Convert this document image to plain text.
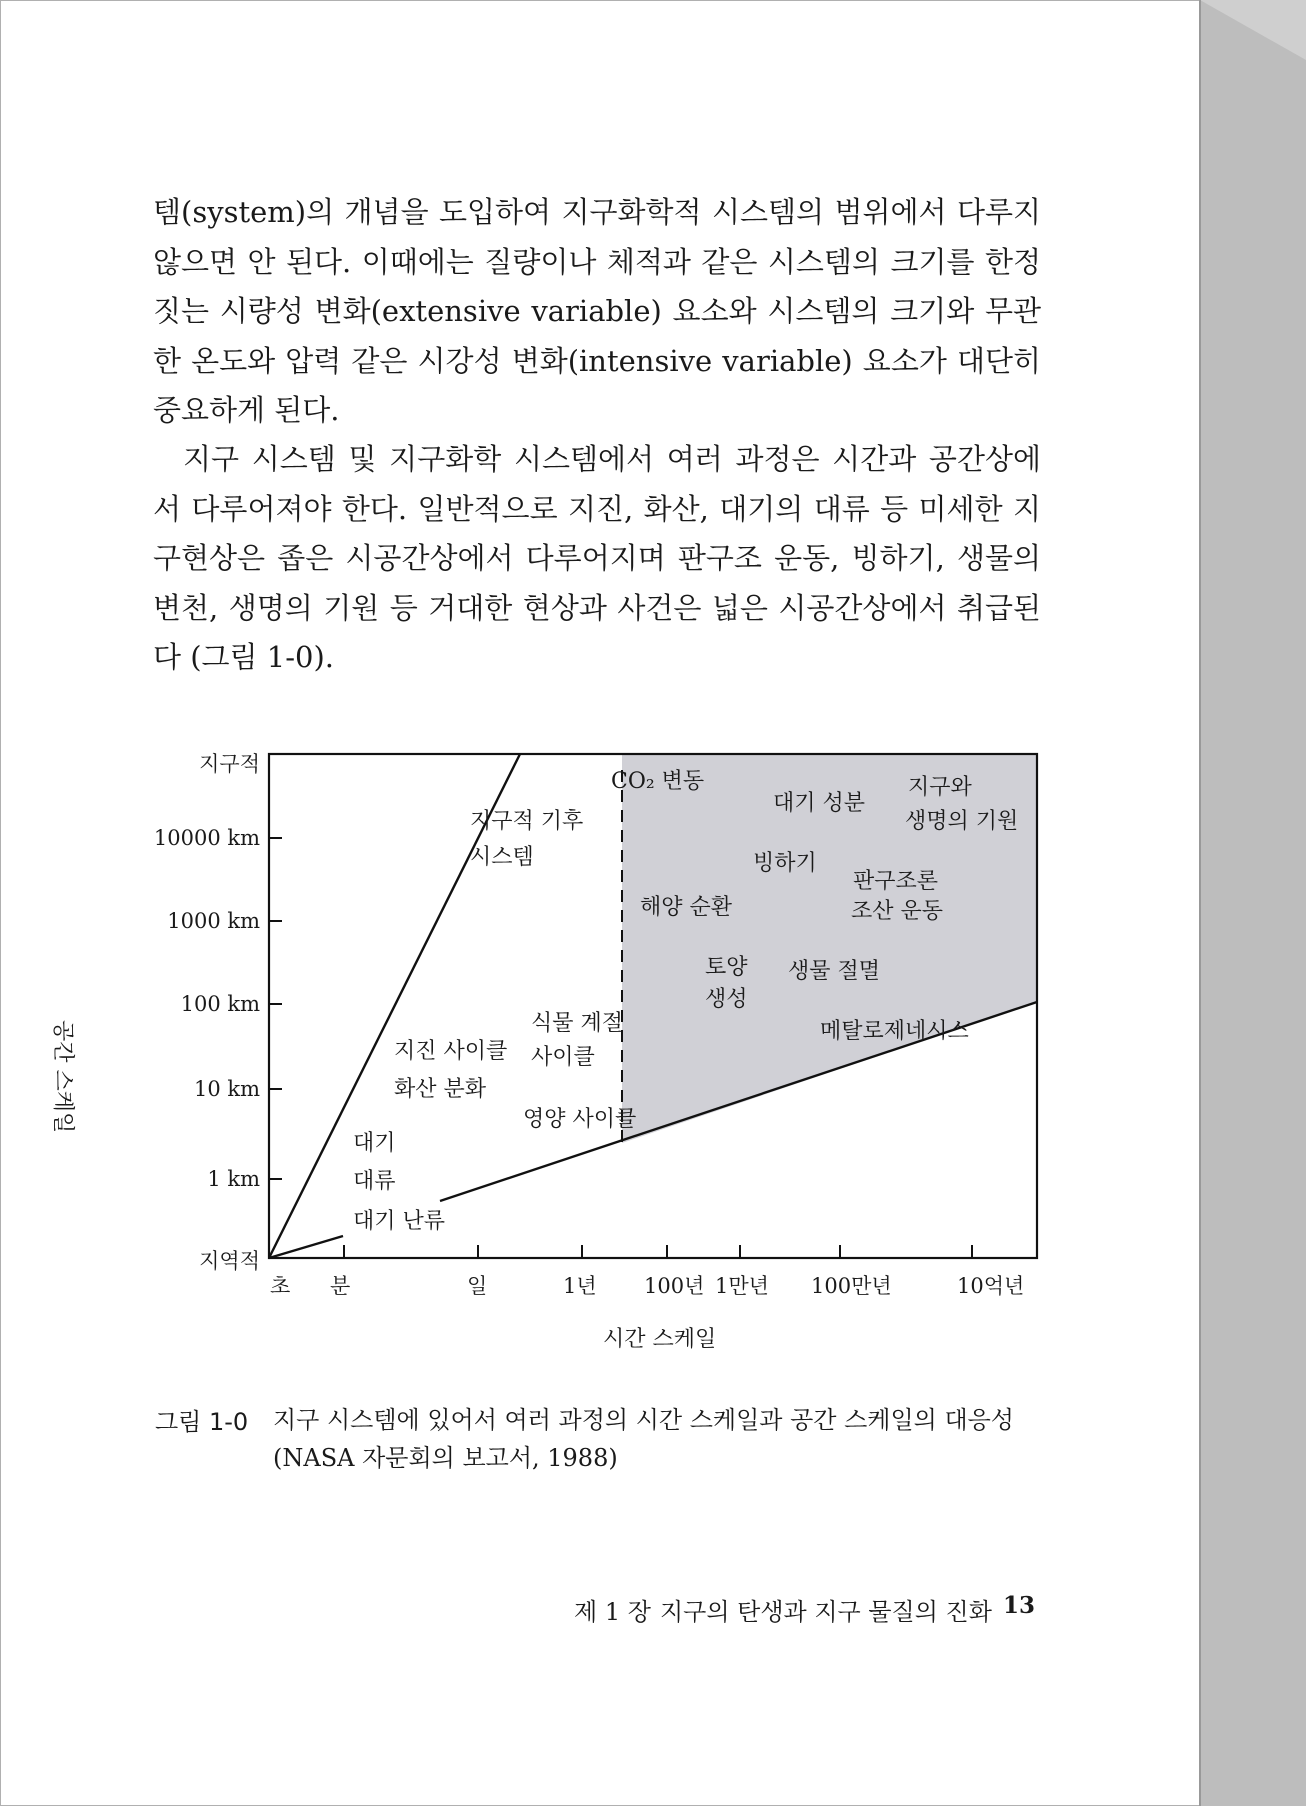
템(system)의 개념을 도입하여 지구화학적 시스템의 범위에서 다루지 않으면 안 된다. 이때에는 질량이나 체적과 같은 시스템의 크기를 한정짓는 시량성 변화(extensive variable) 요소와 시스템의 크기와 무관한 온도와 압력 같은 시강성 변화(intensive variable) 요소가 대단히 중요하게 된다.
지구 시스템 및 지구화학 시스템에서 여러 과정은 시간과 공간상에서 다루어져야 한다. 일반적으로 지진, 화산, 대기의 대류 등 미세한 지구현상은 좁은 시공간상에서 다루어지며 판구조 운동, 빙하기, 생물의 변천, 생명의 기원 등 거대한 현상과 사건은 넓은 시공간상에서 취급된다 (그림 1-0).
지구적
10000 km
1000 km
100 km
10 km
1 km
지역적
공간 스케일
초 분	일	1년 100년 1만년 100만년	10억년
시간 스케일
지구적 기후
시스템
CO₂ 변동
대기 성분
지구와
생명의 기원
빙하기
판구조론
조산 운동
해양 순환
토양
생성
생물 절멸
메탈로제네시스
식물 계절
사이클
지진 사이클
화산 분화
영양 사이클
대기
대류
대기 난류
그림 1-0 지구 시스템에 있어서 여러 과정의 시간 스케일과 공간 스케일의 대응성
(NASA 자문회의 보고서, 1988)
제 1 장 지구의 탄생과 지구 물질의 진화 13
